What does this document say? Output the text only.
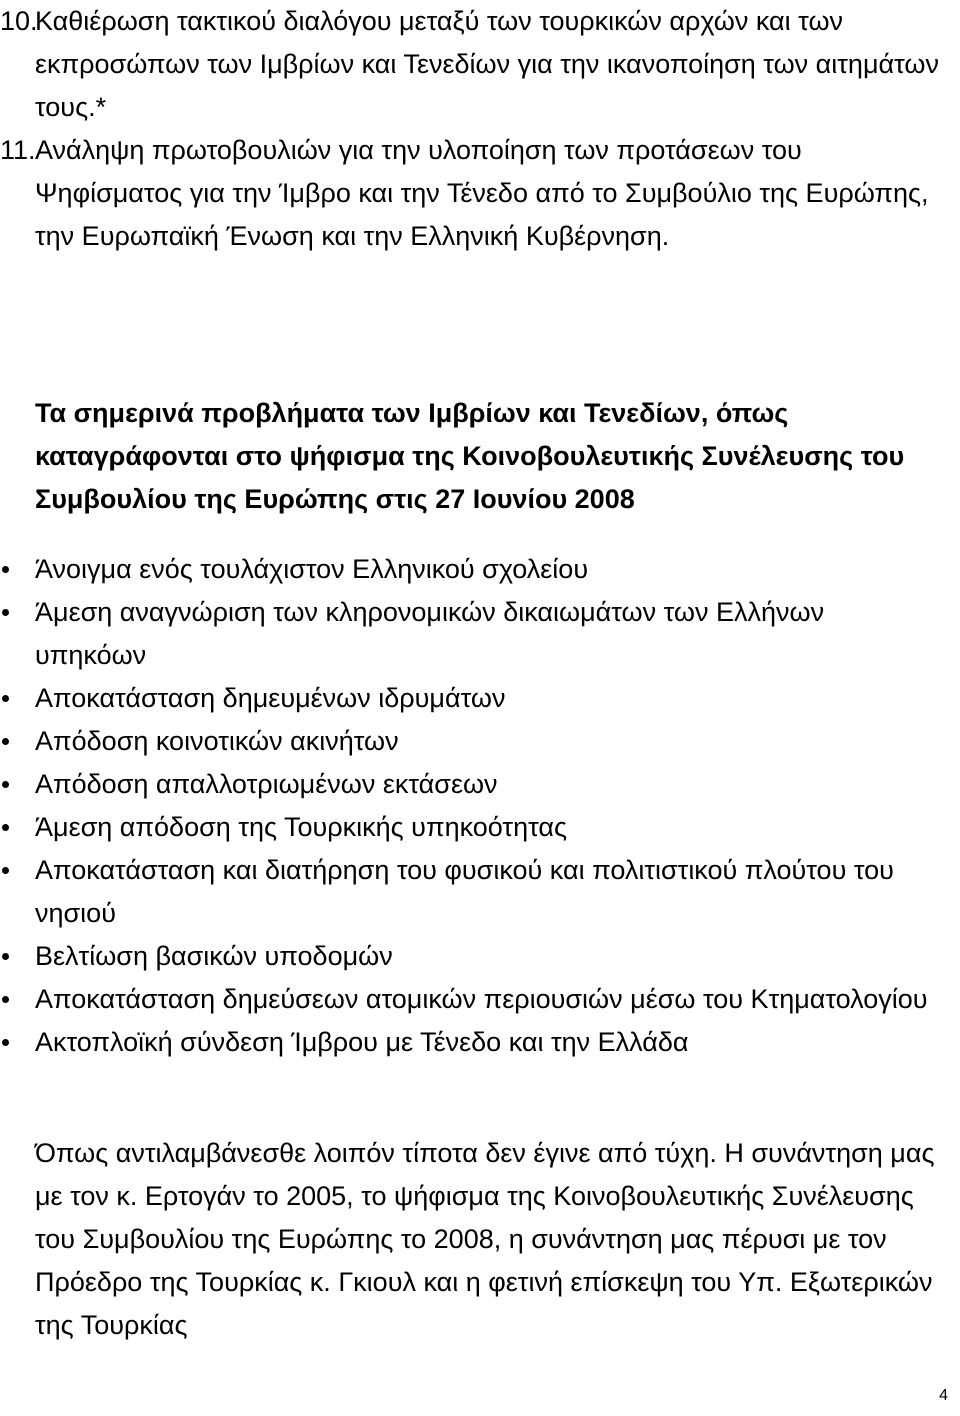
10.
Καθιέρωση τακτικού διαλόγου μεταξύ των τουρκικών αρχών και των εκπροσώπων των Ιμβρίων και Τενεδίων για την ικανοποίηση των αιτημάτων τους.*
11. Ανάληψη πρωτοβουλιών για την υλοποίηση των προτάσεων του Ψηφίσματος για την Ίμβρο και την Τένεδο από το Συμβούλιο της Ευρώπης, την Ευρωπαϊκή Ένωση και την Ελληνική Κυβέρνηση.
Τα σημερινά προβλήματα των Ιμβρίων και Τενεδίων, όπως καταγράφονται στο ψήφισμα της Κοινοβουλευτικής Συνέλευσης του Συμβουλίου της Ευρώπης στις 27 Ιουνίου 2008
Άνοιγμα ενός τουλάχιστον Ελληνικού σχολείου
Άμεση αναγνώριση των κληρονομικών δικαιωμάτων των Ελλήνων υπηκόων
Αποκατάσταση δημευμένων ιδρυμάτων
Απόδοση κοινοτικών ακινήτων
Απόδοση απαλλοτριωμένων εκτάσεων
Άμεση απόδοση της Τουρκικής υπηκοότητας
Αποκατάσταση και διατήρηση του φυσικού και πολιτιστικού πλούτου του νησιού
Βελτίωση βασικών υποδομών
Αποκατάσταση δημεύσεων ατομικών περιουσιών μέσω του Κτηματολογίου
Ακτοπλοϊκή σύνδεση Ίμβρου με Τένεδο και την Ελλάδα
Όπως αντιλαμβάνεσθε λοιπόν τίποτα δεν έγινε από τύχη. Η συνάντηση μας με τον κ. Ερτογάν το 2005, το ψήφισμα της Κοινοβουλευτικής Συνέλευσης του Συμβουλίου της Ευρώπης το 2008, η συνάντηση μας πέρυσι με τον Πρόεδρο της Τουρκίας κ. Γκιουλ και η φετινή επίσκεψη του Υπ. Εξωτερικών της Τουρκίας
4
